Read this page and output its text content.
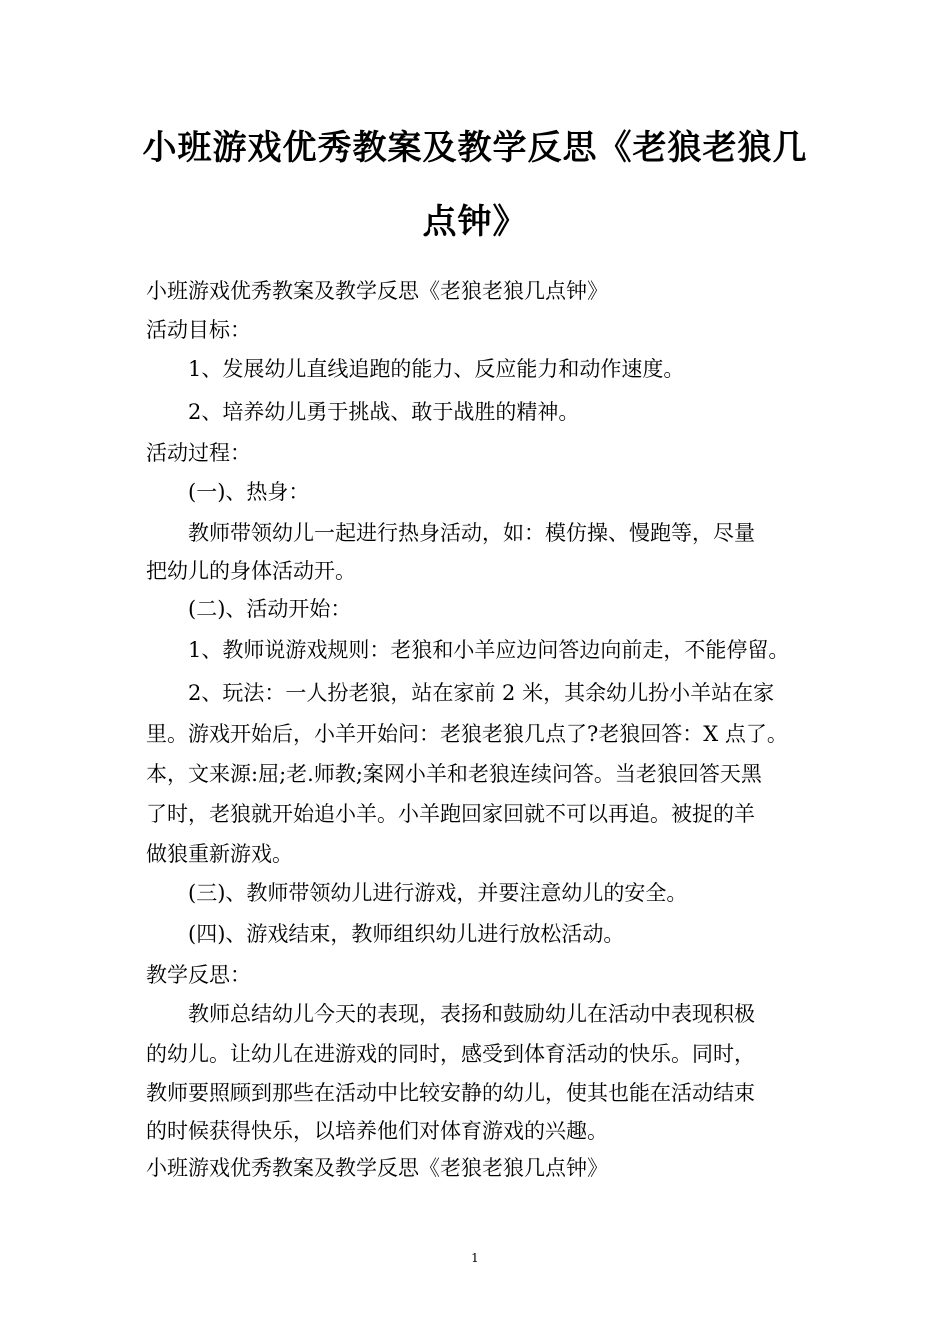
小班游戏优秀教案及教学反思《老狼老狼几
点钟》
小班游戏优秀教案及教学反思《老狼老狼几点钟》
活动目标：
1、发展幼儿直线追跑的能力、反应能力和动作速度。
2、培养幼儿勇于挑战、敢于战胜的精神。
活动过程：
(一)、热身：
教师带领幼儿一起进行热身活动，如：模仿操、慢跑等，尽量
把幼儿的身体活动开。
(二)、活动开始：
1、教师说游戏规则：老狼和小羊应边问答边向前走，不能停留。
2、玩法：一人扮老狼，站在家前 2 米，其余幼儿扮小羊站在家
里。游戏开始后，小羊开始问：老狼老狼几点了?老狼回答：X 点了。
本，文来源:屈;老.师教;案网小羊和老狼连续问答。当老狼回答天黑
了时，老狼就开始追小羊。小羊跑回家回就不可以再追。被捉的羊
做狼重新游戏。
(三)、教师带领幼儿进行游戏，并要注意幼儿的安全。
(四)、游戏结束，教师组织幼儿进行放松活动。
教学反思：
教师总结幼儿今天的表现，表扬和鼓励幼儿在活动中表现积极
的幼儿。让幼儿在进游戏的同时，感受到体育活动的快乐。同时，
教师要照顾到那些在活动中比较安静的幼儿，使其也能在活动结束
的时候获得快乐，以培养他们对体育游戏的兴趣。
小班游戏优秀教案及教学反思《老狼老狼几点钟》
1
